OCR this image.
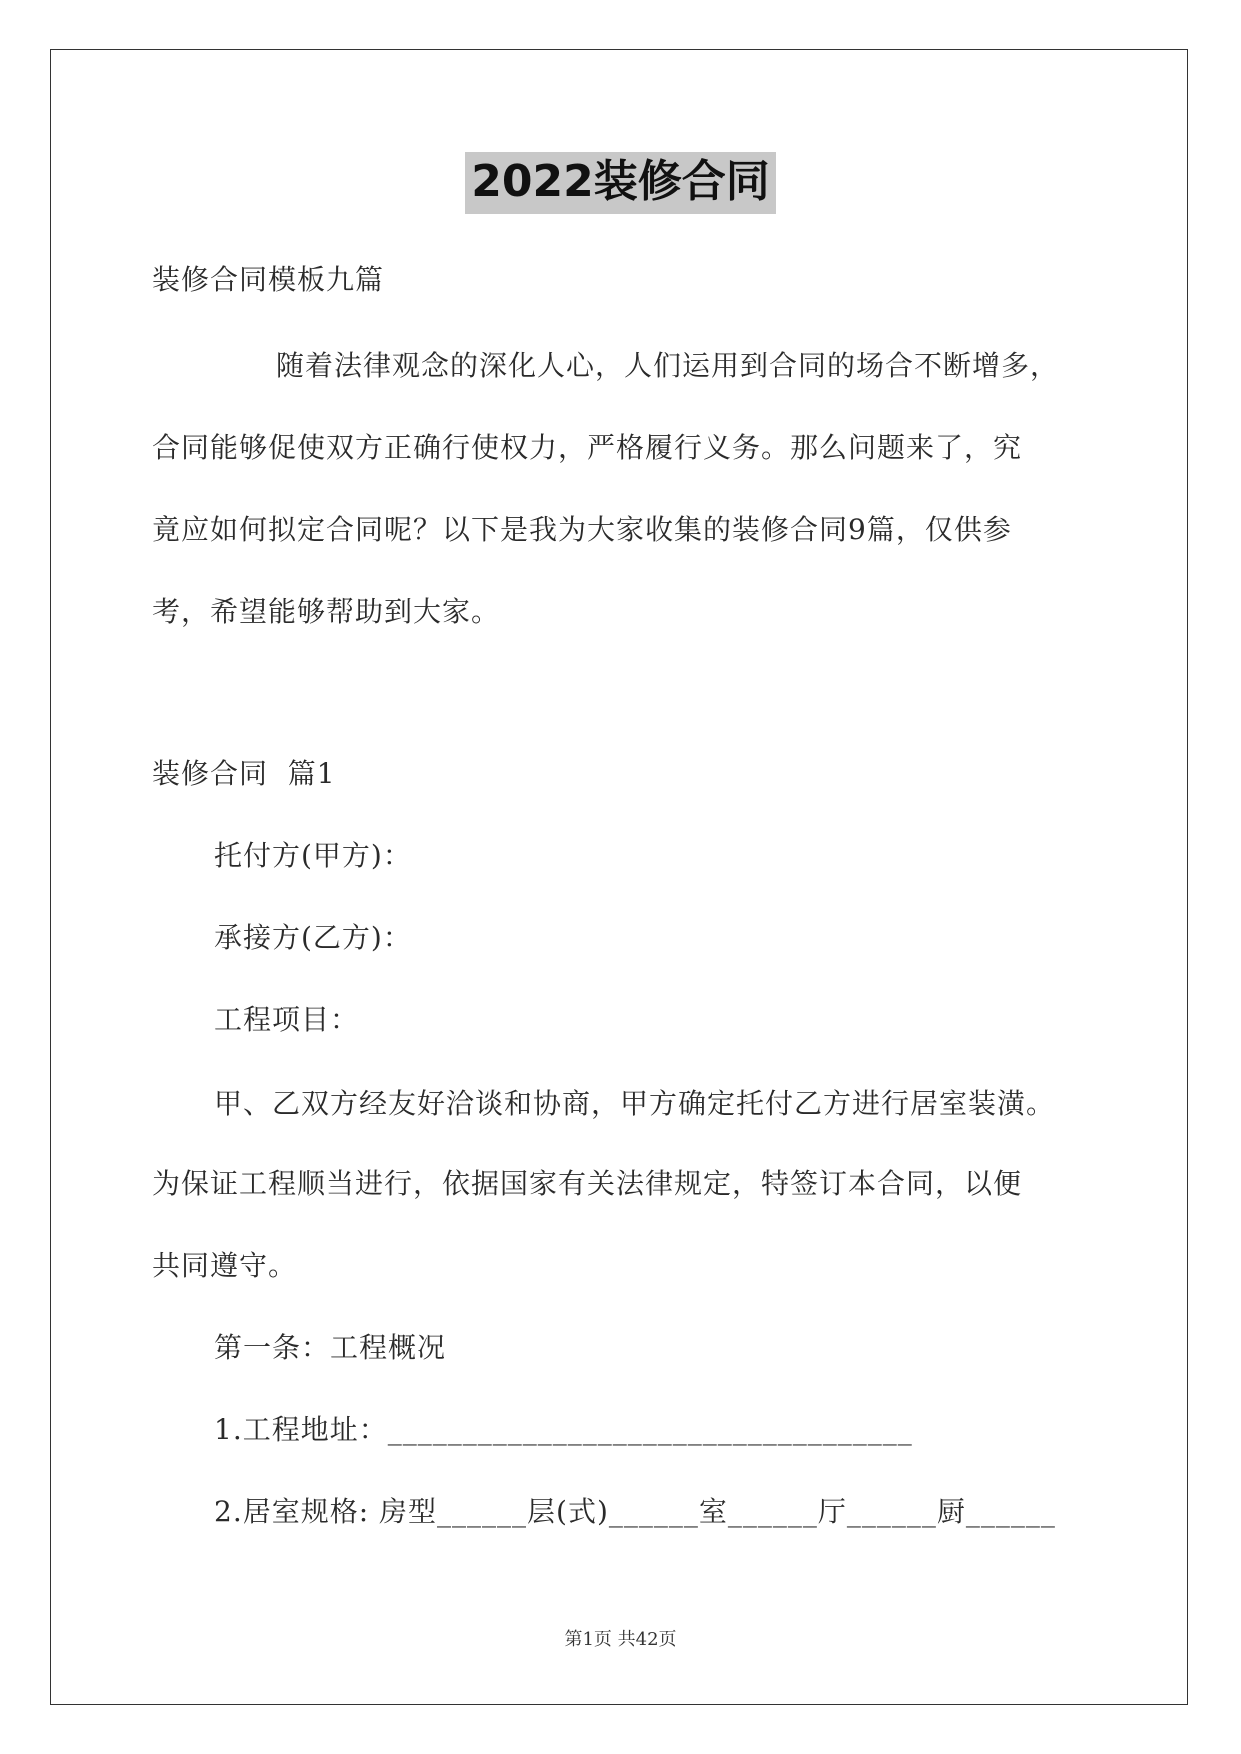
2022装修合同
装修合同模板九篇
随着法律观念的深化人心，人们运用到合同的场合不断增多，
合同能够促使双方正确行使权力，严格履行义务。那么问题来了，究
竟应如何拟定合同呢？以下是我为大家收集的装修合同9篇，仅供参
考，希望能够帮助到大家。
装修合同  篇1
托付方(甲方)：
承接方(乙方)：
工程项目：
甲、乙双方经友好洽谈和协商，甲方确定托付乙方进行居室装潢。
为保证工程顺当进行，依据国家有关法律规定，特签订本合同，以便
共同遵守。
第一条：工程概况
1.工程地址：___________________________________
2.居室规格: 房型______层(式)______室______厅______厨______
第1页 共42页
